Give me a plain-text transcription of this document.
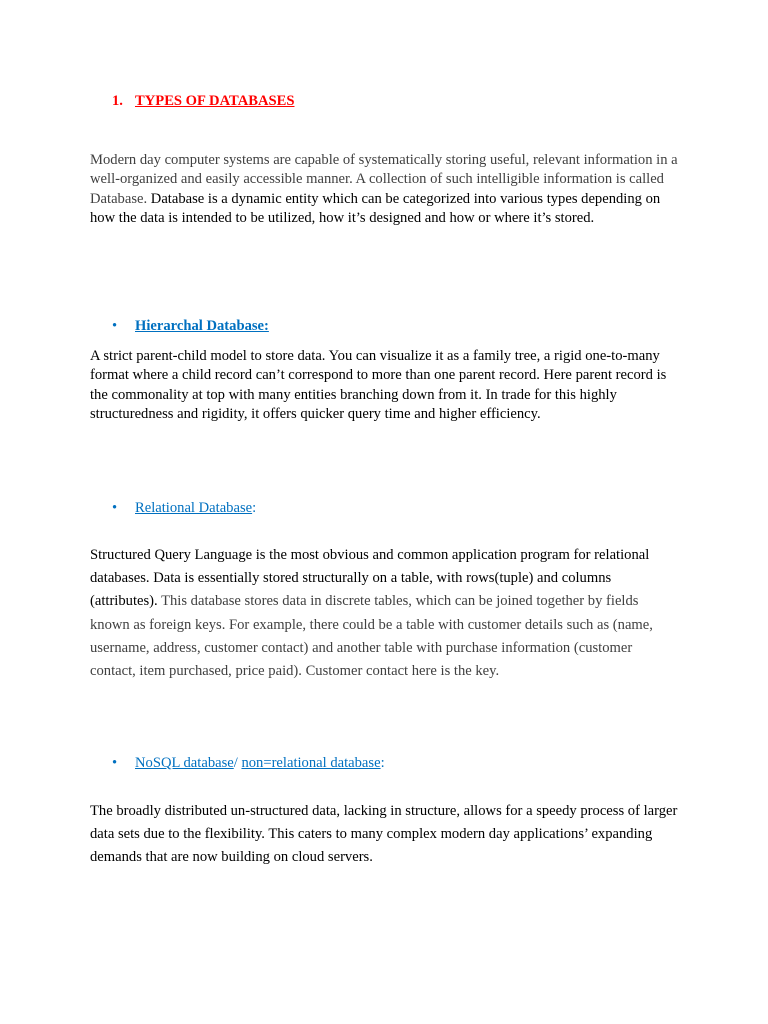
1. TYPES OF DATABASES

Modern day computer systems are capable of systematically storing useful, relevant information in a well-organized and easily accessible manner. A collection of such intelligible information is called Database. Database is a dynamic entity which can be categorized into various types depending on how the data is intended to be utilized, how it’s designed and how or where it’s stored.

• Hierarchal Database:

A strict parent-child model to store data. You can visualize it as a family tree, a rigid one-to-many format where a child record can’t correspond to more than one parent record. Here parent record is the commonality at top with many entities branching down from it. In trade for this highly structuredness and rigidity, it offers quicker query time and higher efficiency.

• Relational Database:

Structured Query Language is the most obvious and common application program for relational databases. Data is essentially stored structurally on a table, with rows(tuple) and columns (attributes). This database stores data in discrete tables, which can be joined together by fields known as foreign keys. For example, there could be a table with customer details such as (name, username, address, customer contact) and another table with purchase information (customer contact, item purchased, price paid). Customer contact here is the key.

• NoSQL database/ non=relational database:

The broadly distributed un-structured data, lacking in structure, allows for a speedy process of larger data sets due to the flexibility. This caters to many complex modern day applications’ expanding demands that are now building on cloud servers.
